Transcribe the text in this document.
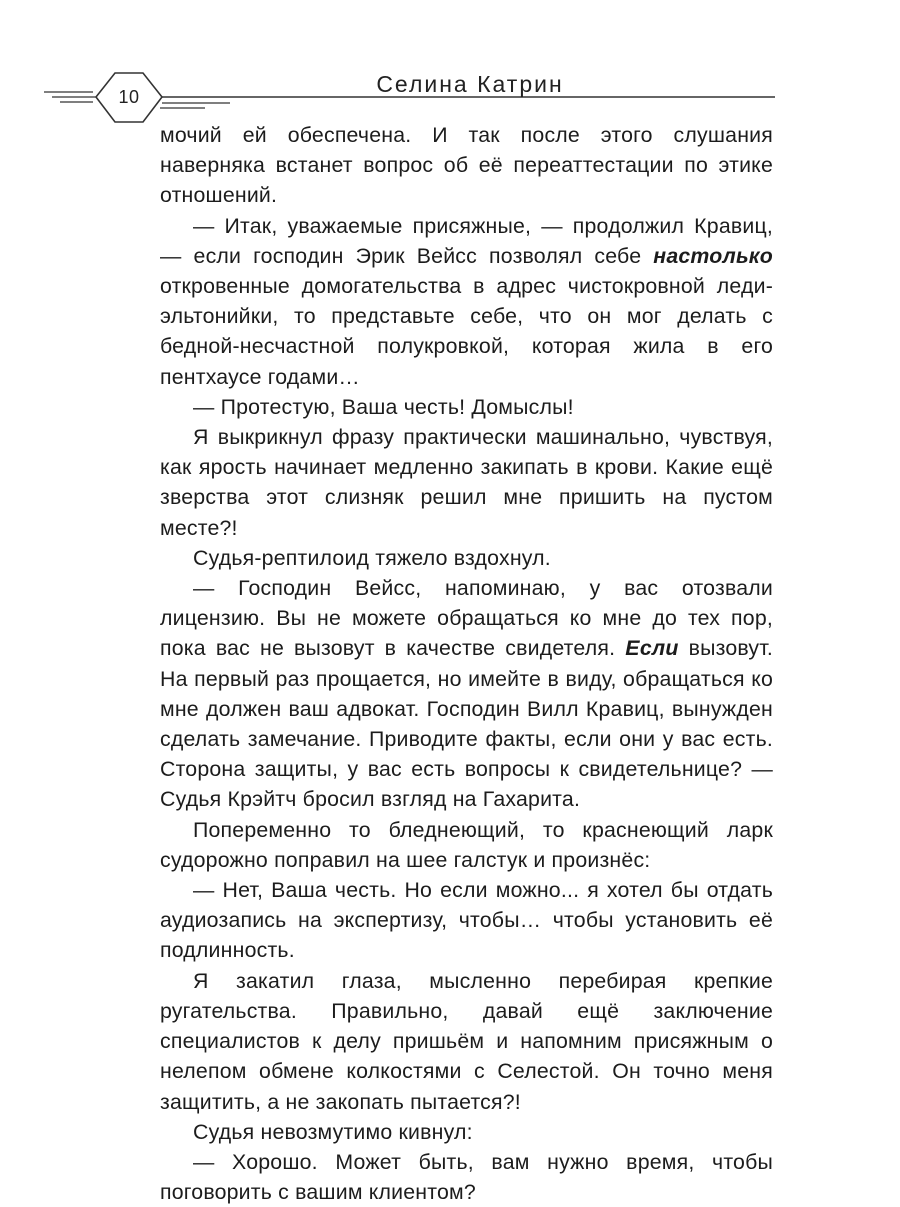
10	Селина Катрин

мочий ей обеспечена. И так после этого слушания наверняка встанет вопрос об её переаттестации по этике отношений.

— Итак, уважаемые присяжные, — продолжил Кравиц, — если господин Эрик Вейсс позволял себе настолько откровенные домогательства в адрес чистокровной леди-эльтонийки, то представьте себе, что он мог делать с бедной-несчастной полукровкой, которая жила в его пентхаусе годами…

— Протестую, Ваша честь! Домыслы!

Я выкрикнул фразу практически машинально, чувствуя, как ярость начинает медленно закипать в крови. Какие ещё зверства этот слизняк решил мне пришить на пустом месте?!

Судья-рептилоид тяжело вздохнул.

— Господин Вейсс, напоминаю, у вас отозвали лицензию. Вы не можете обращаться ко мне до тех пор, пока вас не вызовут в качестве свидетеля. Если вызовут. На первый раз прощается, но имейте в виду, обращаться ко мне должен ваш адвокат. Господин Вилл Кравиц, вынужден сделать замечание. Приводите факты, если они у вас есть. Сторона защиты, у вас есть вопросы к свидетельнице? — Судья Крэйтч бросил взгляд на Гахарита.

Попеременно то бледнеющий, то краснеющий ларк судорожно поправил на шее галстук и произнёс:

— Нет, Ваша честь. Но если можно... я хотел бы отдать аудиозапись на экспертизу, чтобы… чтобы установить её подлинность.

Я закатил глаза, мысленно перебирая крепкие ругательства. Правильно, давай ещё заключение специалистов к делу пришьём и напомним присяжным о нелепом обмене колкостями с Селестой. Он точно меня защитить, а не закопать пытается?!

Судья невозмутимо кивнул:

— Хорошо. Может быть, вам нужно время, чтобы поговорить с вашим клиентом?
